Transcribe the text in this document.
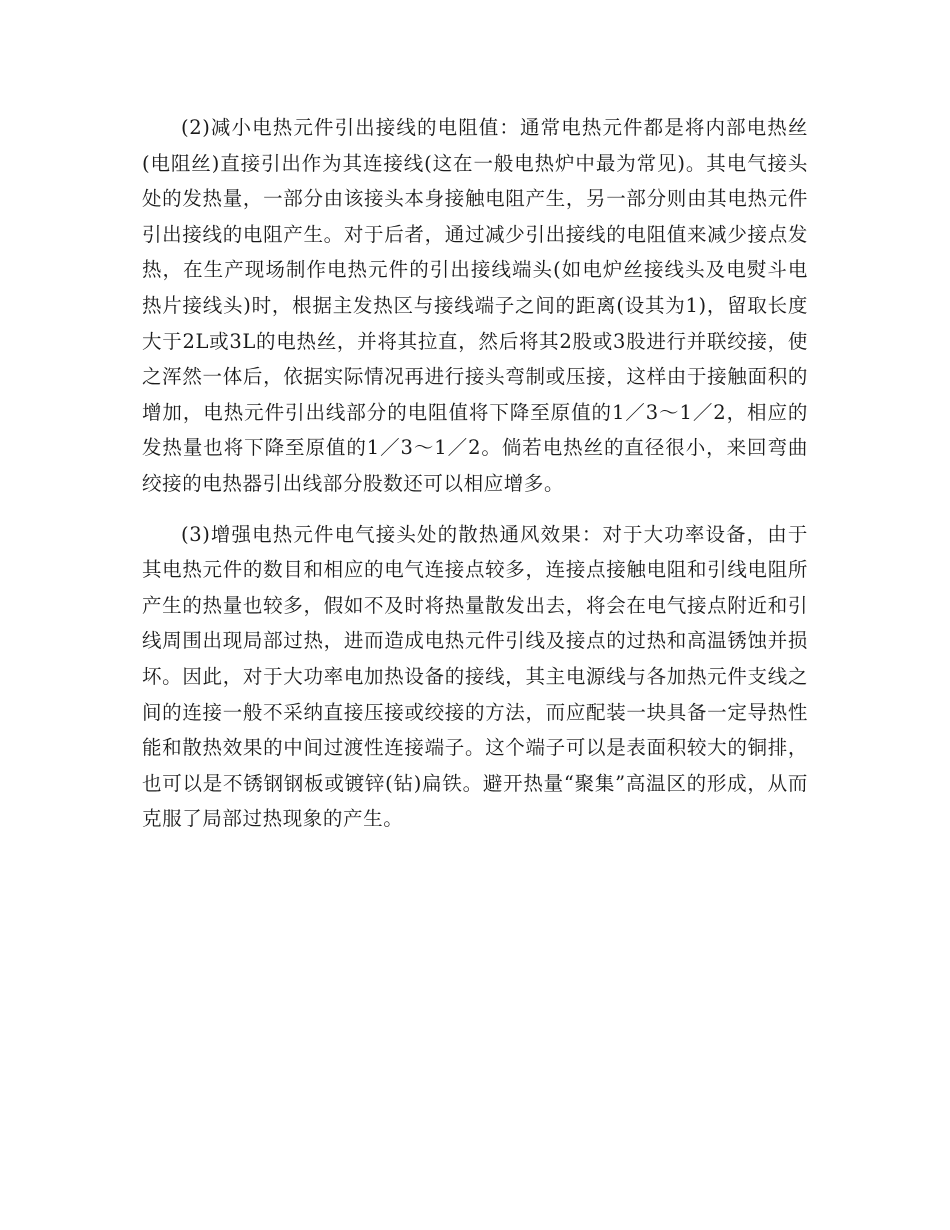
(2)减小电热元件引出接线的电阻值：通常电热元件都是将内部电热丝(电阻丝)直接引出作为其连接线(这在一般电热炉中最为常见)。其电气接头处的发热量，一部分由该接头本身接触电阻产生，另一部分则由其电热元件引出接线的电阻产生。对于后者，通过减少引出接线的电阻值来减少接点发热，在生产现场制作电热元件的引出接线端头(如电炉丝接线头及电熨斗电热片接线头)时，根据主发热区与接线端子之间的距离(设其为1)，留取长度大于2L或3L的电热丝，并将其拉直，然后将其2股或3股进行并联绞接，使之浑然一体后，依据实际情况再进行接头弯制或压接，这样由于接触面积的增加，电热元件引出线部分的电阻值将下降至原值的1／3～1／2，相应的发热量也将下降至原值的1／3～1／2。倘若电热丝的直径很小，来回弯曲绞接的电热器引出线部分股数还可以相应增多。

(3)增强电热元件电气接头处的散热通风效果：对于大功率设备，由于其电热元件的数目和相应的电气连接点较多，连接点接触电阻和引线电阻所产生的热量也较多，假如不及时将热量散发出去，将会在电气接点附近和引线周围出现局部过热，进而造成电热元件引线及接点的过热和高温锈蚀并损坏。因此，对于大功率电加热设备的接线，其主电源线与各加热元件支线之间的连接一般不采纳直接压接或绞接的方法，而应配装一块具备一定导热性能和散热效果的中间过渡性连接端子。这个端子可以是表面积较大的铜排，也可以是不锈钢钢板或镀锌(钻)扁铁。避开热量“聚集”高温区的形成，从而克服了局部过热现象的产生。
